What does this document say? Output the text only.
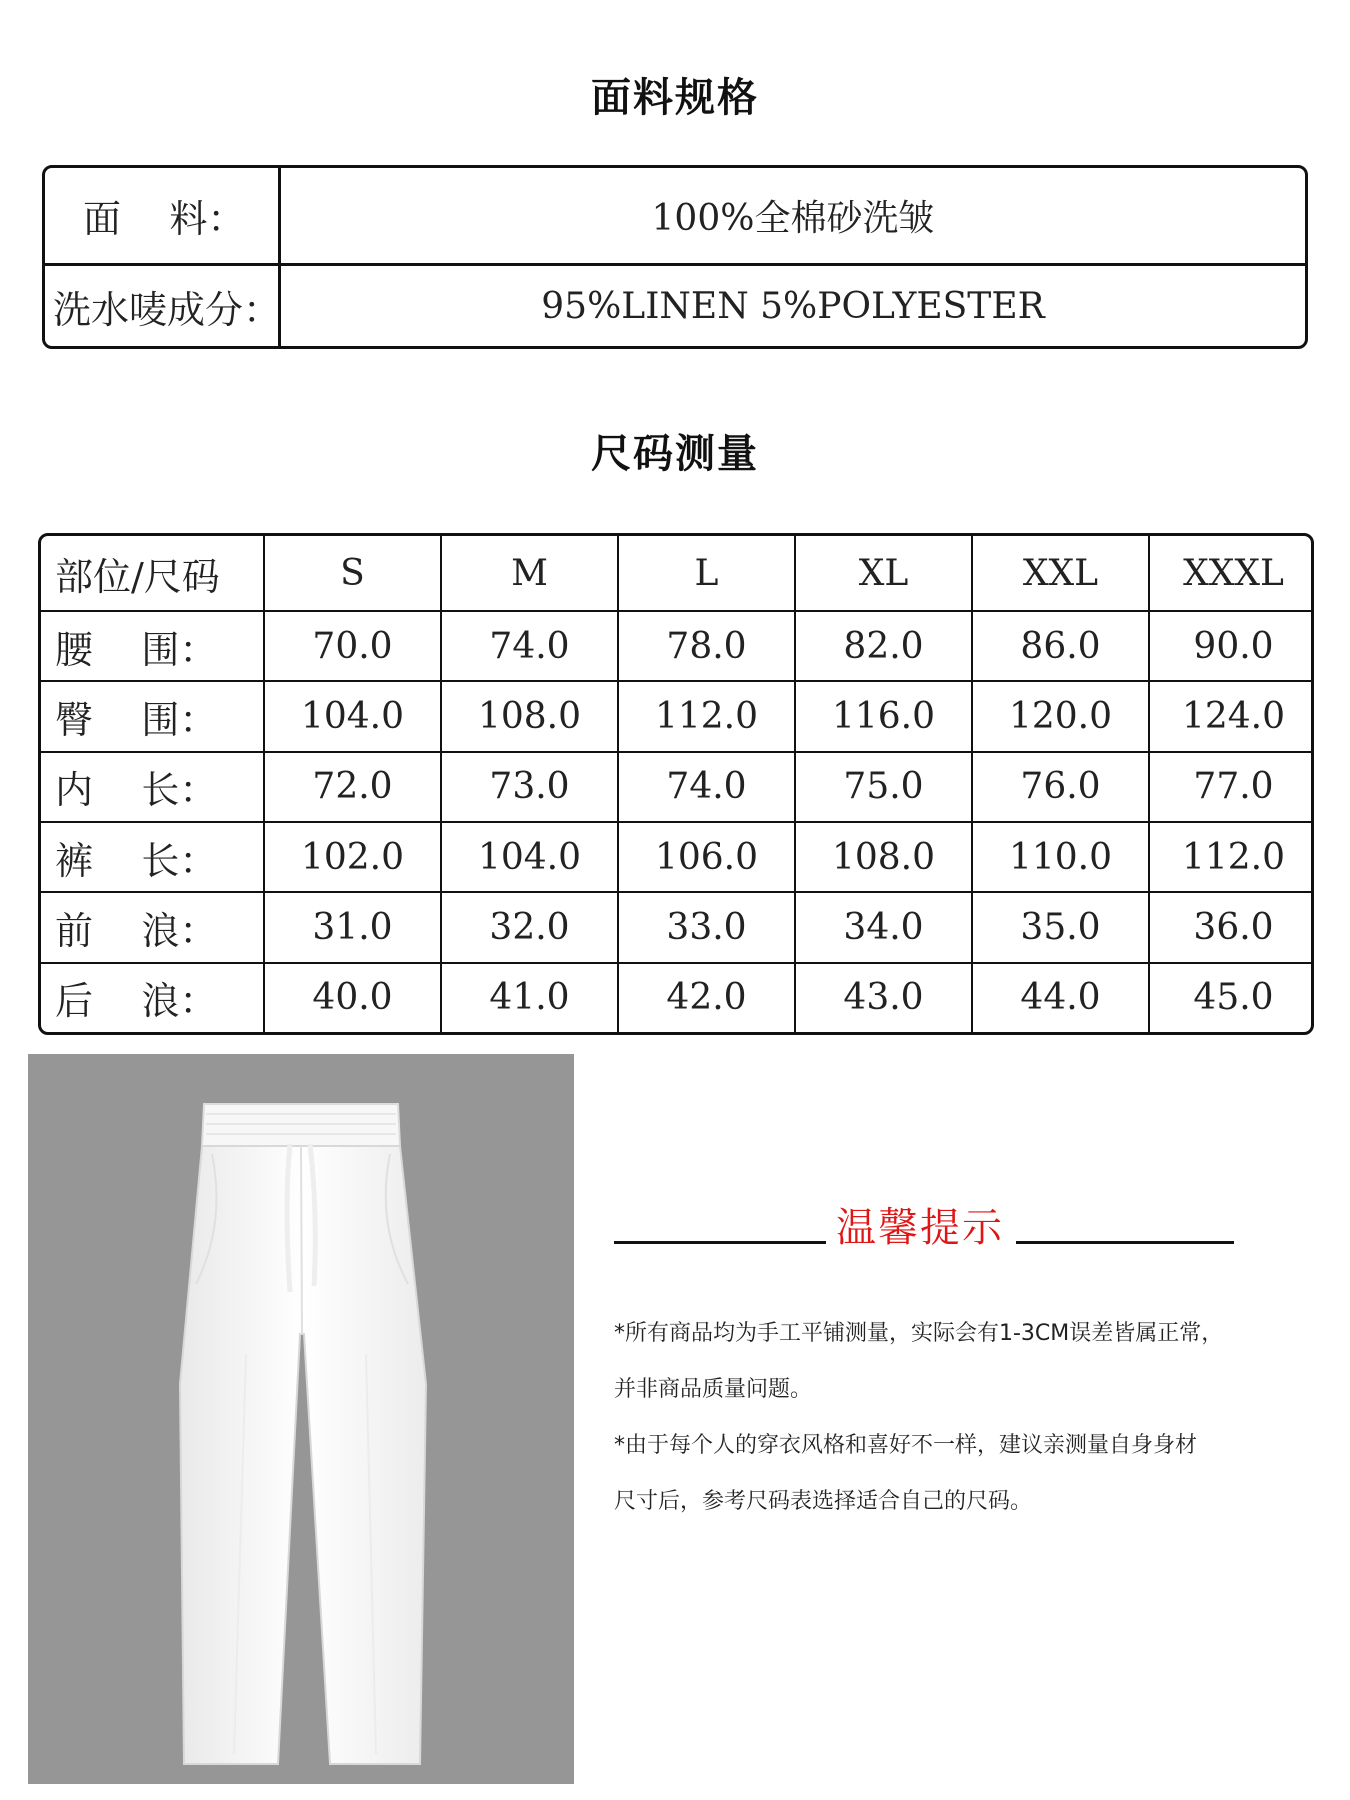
面料规格
面    料：	100%全棉砂洗皱
洗水唛成分：	95%LINEN 5%POLYESTER
尺码测量
部位/尺码	S	M	L	XL	XXL	XXXL
腰    围：	70.0	74.0	78.0	82.0	86.0	90.0
臀    围：	104.0	108.0	112.0	116.0	120.0	124.0
内    长：	72.0	73.0	74.0	75.0	76.0	77.0
裤    长：	102.0	104.0	106.0	108.0	110.0	112.0
前    浪：	31.0	32.0	33.0	34.0	35.0	36.0
后    浪：	40.0	41.0	42.0	43.0	44.0	45.0
温馨提示
*所有商品均为手工平铺测量，实际会有1-3CM误差皆属正常，
并非商品质量问题。
*由于每个人的穿衣风格和喜好不一样，建议亲测量自身身材
尺寸后，参考尺码表选择适合自己的尺码。
